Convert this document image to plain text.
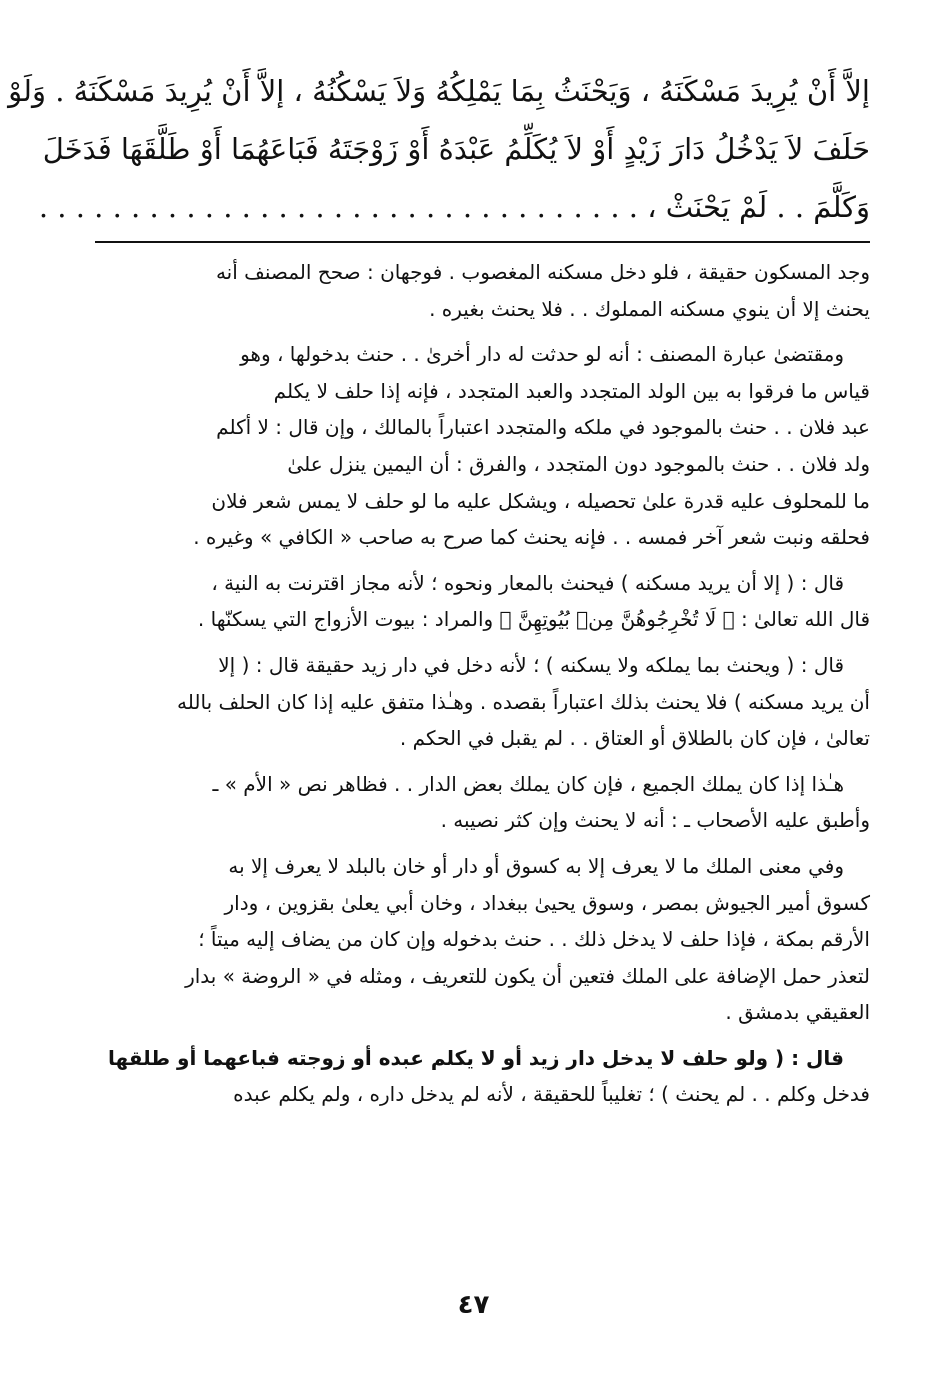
إلاَّ أَنْ يُرِيدَ مَسْكَنَهُ ، وَيَحْنَثُ بِمَا يَمْلِكُهُ وَلاَ يَسْكُنُهُ ، إلاَّ أَنْ يُرِيدَ مَسْكَنَهُ . وَلَوْ
حَلَفَ لاَ يَدْخُلُ دَارَ زَيْدٍ أَوْ لاَ يُكَلِّمُ عَبْدَهُ أَوْ زَوْجَتَهُ فَبَاعَهُمَا أَوْ طَلَّقَهَا فَدَخَلَ
وَكَلَّمَ . . لَمْ يَحْنَثْ ، . . . . . . . . . . . . . . . . . . . . . . . . . . . . . . . . .

وجد المسكون حقيقة ، فلو دخل مسكنه المغصوب . فوجهان : صحح المصنف أنه
يحنث إلا أن ينوي مسكنه المملوك . . فلا يحنث بغيره .

ومقتضىٰ عبارة المصنف : أنه لو حدثت له دار أخرىٰ . . حنث بدخولها ، وهو
قياس ما فرقوا به بين الولد المتجدد والعبد المتجدد ، فإنه إذا حلف لا يكلم
عبد فلان . . حنث بالموجود في ملكه والمتجدد اعتباراً بالمالك ، وإن قال : لا أكلم
ولد فلان . . حنث بالموجود دون المتجدد ، والفرق : أن اليمين ينزل علىٰ
ما للمحلوف عليه قدرة علىٰ تحصيله ، ويشكل عليه ما لو حلف لا يمس شعر فلان
فحلقه ونبت شعر آخر فمسه . . فإنه يحنث كما صرح به صاحب « الكافي » وغيره .

قال : ( إلا أن يريد مسكنه ) فيحنث بالمعار ونحوه ؛ لأنه مجاز اقترنت به النية ،
قال الله تعالىٰ : ﴿ لَا تُخْرِجُوهُنَّ مِنۢ بُيُوتِهِنَّ ﴾ والمراد : بيوت الأزواج التي يسكنّها .

قال : ( ويحنث بما يملكه ولا يسكنه ) ؛ لأنه دخل في دار زيد حقيقة قال : ( إلا
أن يريد مسكنه ) فلا يحنث بذلك اعتباراً بقصده . وهـٰذا متفق عليه إذا كان الحلف بالله
تعالىٰ ، فإن كان بالطلاق أو العتاق . . لم يقبل في الحكم .

هـٰذا إذا كان يملك الجميع ، فإن كان يملك بعض الدار . . فظاهر نص « الأم » ـ
وأطبق عليه الأصحاب ـ : أنه لا يحنث وإن كثر نصيبه .

وفي معنى الملك ما لا يعرف إلا به كسوق أو دار أو خان بالبلد لا يعرف إلا به
كسوق أمير الجيوش بمصر ، وسوق يحيىٰ ببغداد ، وخان أبي يعلىٰ بقزوين ، ودار
الأرقم بمكة ، فإذا حلف لا يدخل ذلك . . حنث بدخوله وإن كان من يضاف إليه ميتاً ؛
لتعذر حمل الإضافة على الملك فتعين أن يكون للتعريف ، ومثله في « الروضة » بدار
العقيقي بدمشق .

قال : ( ولو حلف لا يدخل دار زيد أو لا يكلم عبده أو زوجته فباعهما أو طلقها
فدخل وكلم . . لم يحنث ) ؛ تغليباً للحقيقة ، لأنه لم يدخل داره ، ولم يكلم عبده

٤٧
